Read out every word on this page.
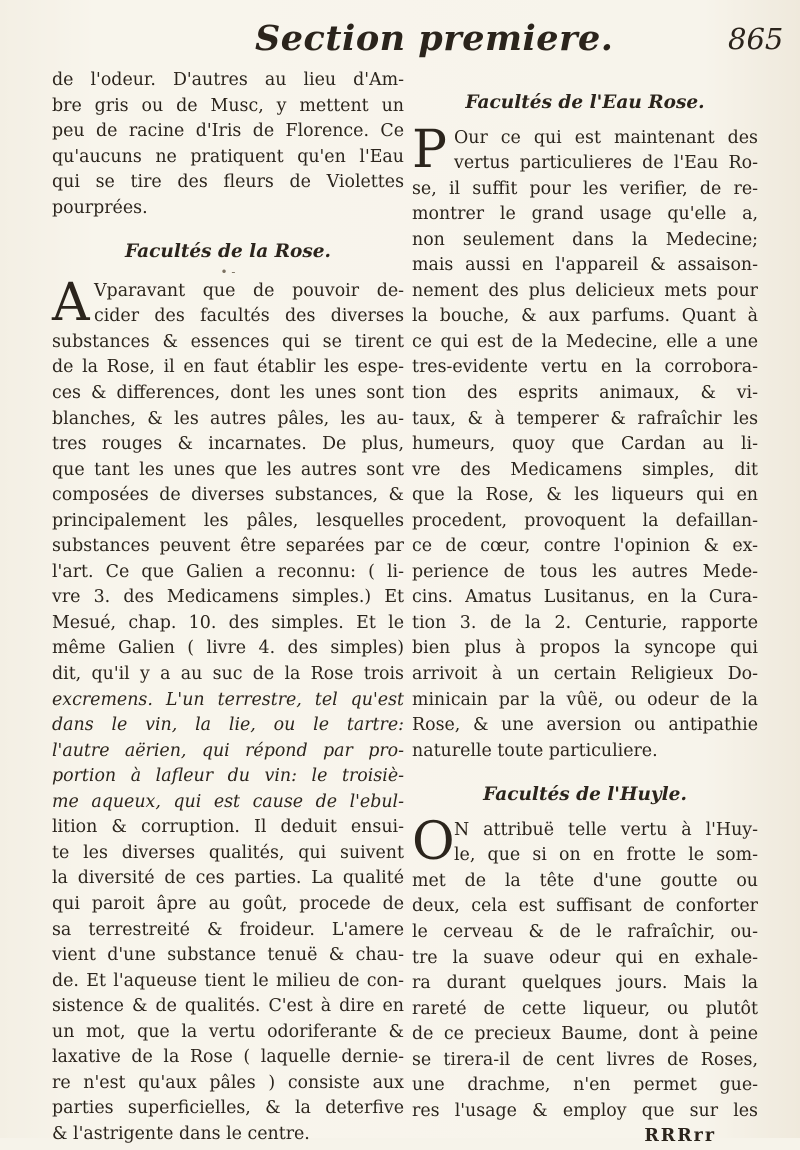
Section premiere.	865
de l'odeur. D'autres au lieu d'Am-
bre gris ou de Musc, y mettent un
peu de racine d'Iris de Florence. Ce
qu'aucuns ne pratiquent qu'en l'Eau
qui se tire des fleurs de Violettes
pourprées.
Facultés de la Rose.
• -
A Vparavant que de pouvoir de-
cider des facultés des diverses
substances & essences qui se tirent
de la Rose, il en faut établir les espe-
ces & differences, dont les unes sont
blanches, & les autres pâles, les au-
tres rouges & incarnates. De plus,
que tant les unes que les autres sont
composées de diverses substances, &
principalement les pâles, lesquelles
substances peuvent être separées par
l'art. Ce que Galien a reconnu: ( li-
vre 3. des Medicamens simples.) Et
Mesué, chap. 10. des simples. Et le
même Galien ( livre 4. des simples)
dit, qu'il y a au suc de la Rose trois
excremens. L'un terrestre, tel qu'est
dans le vin, la lie, ou le tartre:
l'autre aërien, qui répond par pro-
portion à lafleur du vin: le troisiè-
me aqueux, qui est cause de l'ebul-
lition & corruption. Il deduit ensui-
te les diverses qualités, qui suivent
la diversité de ces parties. La qualité
qui paroit âpre au goût, procede de
sa terrestreité & froideur. L'amere
vient d'une substance tenuë & chau-
de. Et l'aqueuse tient le milieu de con-
sistence & de qualités. C'est à dire en
un mot, que la vertu odoriferante &
laxative de la Rose ( laquelle dernie-
re n'est qu'aux pâles ) consiste aux
parties superficielles, & la deterfive
& l'astrigente dans le centre.
Facultés de l'Eau Rose.
P Our ce qui est maintenant des
vertus particulieres de l'Eau Ro-
se, il suffit pour les verifier, de re-
montrer le grand usage qu'elle a,
non seulement dans la Medecine;
mais aussi en l'appareil & assaison-
nement des plus delicieux mets pour
la bouche, & aux parfums. Quant à
ce qui est de la Medecine, elle a une
tres-evidente vertu en la corrobora-
tion des esprits animaux, & vi-
taux, & à temperer & rafraîchir les
humeurs, quoy que Cardan au li-
vre des Medicamens simples, dit
que la Rose, & les liqueurs qui en
procedent, provoquent la defaillan-
ce de cœur, contre l'opinion & ex-
perience de tous les autres Mede-
cins. Amatus Lusitanus, en la Cura-
tion 3. de la 2. Centurie, rapporte
bien plus à propos la syncope qui
arrivoit à un certain Religieux Do-
minicain par la vûë, ou odeur de la
Rose, & une aversion ou antipathie
naturelle toute particuliere.
Facultés de l'Huyle.
O N attribuë telle vertu à l'Huy-
le, que si on en frotte le som-
met de la tête d'une goutte ou
deux, cela est suffisant de conforter
le cerveau & de le rafraîchir, ou-
tre la suave odeur qui en exhale-
ra durant quelques jours. Mais la
rareté de cette liqueur, ou plutôt
de ce precieux Baume, dont à peine
se tirera-il de cent livres de Roses,
une drachme, n'en permet gue-
res l'usage & employ que sur les
RRRrr
